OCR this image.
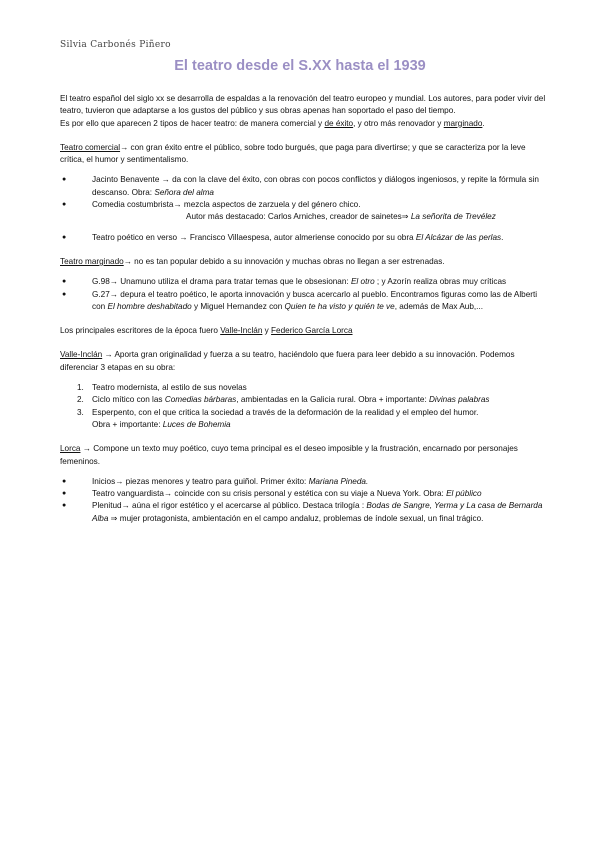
Silvia Carbonés Piñero
El teatro desde el S.XX hasta el 1939

El teatro español del siglo xx se desarrolla de espaldas a la renovación del teatro europeo y mundial. Los autores, para poder vivir del teatro, tuvieron que adaptarse a los gustos del público y sus obras apenas han soportado el paso del tiempo.
Es por ello que aparecen 2 tipos de hacer teatro: de manera comercial y de éxito, y otro más renovador y marginado.

Teatro comercial→ con gran éxito entre el público, sobre todo burgués, que paga para divertirse; y que se caracteriza por la leve crítica, el humor y sentimentalismo.

● Jacinto Benavente → da con la clave del éxito, con obras con pocos conflictos y diálogos ingeniosos, y repite la fórmula sin descanso. Obra: Señora del alma
● Comedia costumbrista→ mezcla aspectos de zarzuela y del género chico.

Autor más destacado: Carlos Arniches, creador de sainetes⇒ La señorita de Trevélez

● Teatro poético en verso → Francisco Villaespesa, autor almeriense conocido por su obra El Alcázar de las perlas.

Teatro marginado→ no es tan popular debido a su innovación y muchas obras no llegan a ser estrenadas.

● G.98→ Unamuno utiliza el drama para tratar temas que le obsesionan: El otro ; y Azorín realiza obras muy críticas
● G.27→ depura el teatro poético, le aporta innovación y busca acercarlo al pueblo. Encontramos figuras como las de Alberti con El hombre deshabitado y Miguel Hernandez con Quien te ha visto y quién te ve, además de Max Aub,...

Los principales escritores de la época fuero Valle-Inclán y Federico García Lorca

Valle-Inclán → Aporta gran originalidad y fuerza a su teatro, haciéndolo que fuera para leer debido a su innovación. Podemos diferenciar 3 etapas en su obra:

1. Teatro modernista, al estilo de sus novelas
2. Ciclo mítico con las Comedias bárbaras, ambientadas en la Galicia rural. Obra + importante: Divinas palabras
3. Esperpento, con el que critica la sociedad a través de la deformación de la realidad y el empleo del humor.
Obra + importante: Luces de Bohemia

Lorca → Compone un texto muy poético, cuyo tema principal es el deseo imposible y la frustración, encarnado por personajes femeninos.

● Inicios→ piezas menores y teatro para guiñol. Primer éxito: Mariana Pineda.
● Teatro vanguardista→ coincide con su crisis personal y estética con su viaje a Nueva York. Obra: El público
● Plenitud→ aúna el rigor estético y el acercarse al público. Destaca trilogía : Bodas de Sangre, Yerma y La casa de Bernarda Alba ⇒ mujer protagonista, ambientación en el campo andaluz, problemas de índole sexual, un final trágico.
